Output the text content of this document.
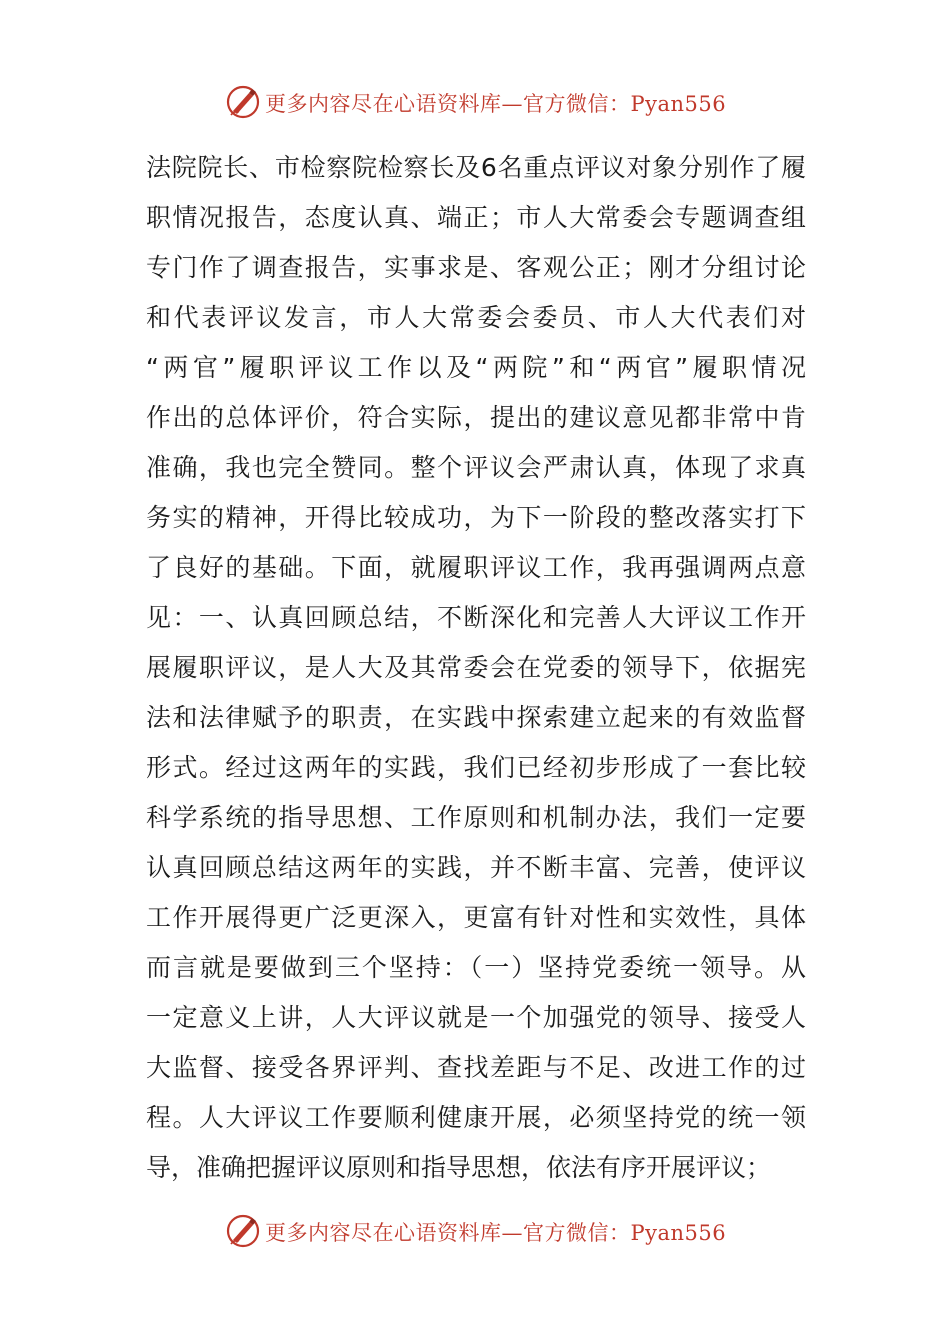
更多内容尽在心语资料库—官方微信：Pyan556
法院院长、市检察院检察长及6名重点评议对象分别作了履
职情况报告，态度认真、端正；市人大常委会专题调查组
专门作了调查报告，实事求是、客观公正；刚才分组讨论
和代表评议发言，市人大常委会委员、市人大代表们对
“两官”履职评议工作以及“两院”和“两官”履职情况
作出的总体评价，符合实际，提出的建议意见都非常中肯
准确，我也完全赞同。整个评议会严肃认真，体现了求真
务实的精神，开得比较成功，为下一阶段的整改落实打下
了良好的基础。下面，就履职评议工作，我再强调两点意
见：一、认真回顾总结，不断深化和完善人大评议工作开
展履职评议，是人大及其常委会在党委的领导下，依据宪
法和法律赋予的职责，在实践中探索建立起来的有效监督
形式。经过这两年的实践，我们已经初步形成了一套比较
科学系统的指导思想、工作原则和机制办法，我们一定要
认真回顾总结这两年的实践，并不断丰富、完善，使评议
工作开展得更广泛更深入，更富有针对性和实效性，具体
而言就是要做到三个坚持：（一）坚持党委统一领导。从
一定意义上讲，人大评议就是一个加强党的领导、接受人
大监督、接受各界评判、查找差距与不足、改进工作的过
程。人大评议工作要顺利健康开展，必须坚持党的统一领
导，准确把握评议原则和指导思想，依法有序开展评议；
更多内容尽在心语资料库—官方微信：Pyan556
